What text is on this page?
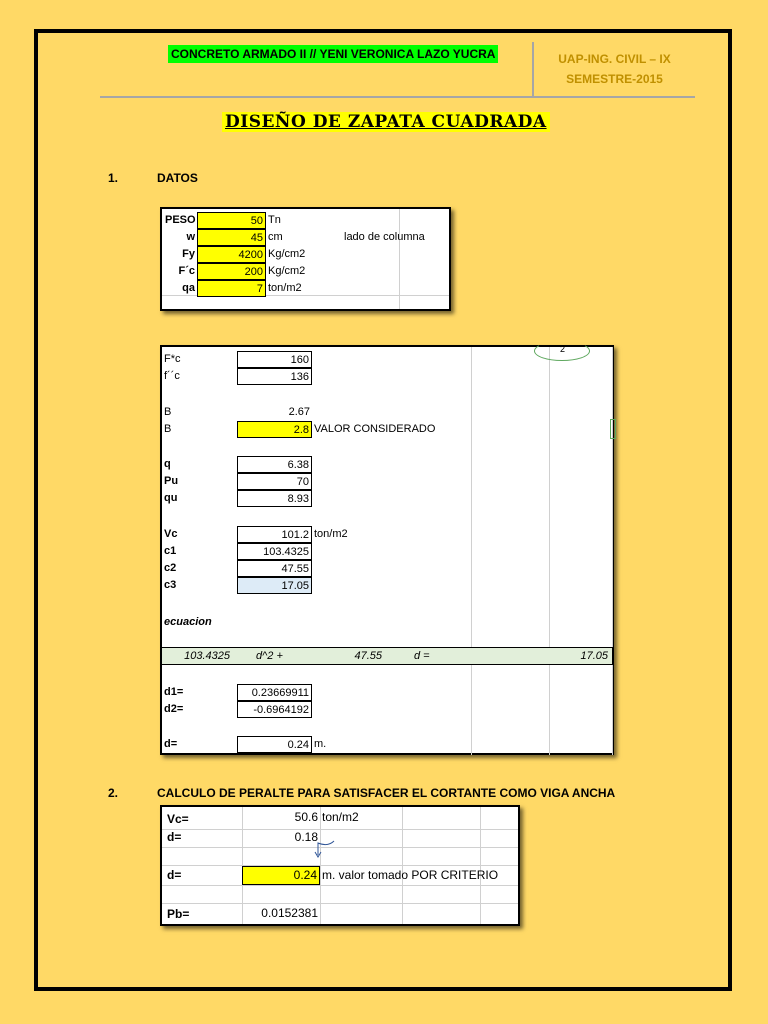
CONCRETO ARMADO II // YENI VERONICA LAZO YUCRA	UAP-ING. CIVIL – IX
SEMESTRE-2015
DISEÑO DE ZAPATA CUADRADA
1.	DATOS
PESO	50 Tn
w	45 cm	lado de columna
Fy	4200 Kg/cm2
F´c	200 Kg/cm2
qa	7 ton/m2
2
F*c	160
f´´c	136
B	2.67
B	2.8 VALOR CONSIDERADO
q	6.38
Pu	70
qu	8.93
Vc	101.2 ton/m2
c1	103.4325
c2	47.55
c3	17.05
ecuacion
103.4325 d^2 +	47.55	d =	17.05
d1=	0.23669911
d2=	-0.6964192
d=	0.24 m.
2.	CALCULO DE PERALTE PARA SATISFACER EL CORTANTE COMO VIGA ANCHA
Vc=	50.6 ton/m2
d=	0.18
d=	0.24 m. valor tomado POR CRITERIO
Pb=	0.0152381
